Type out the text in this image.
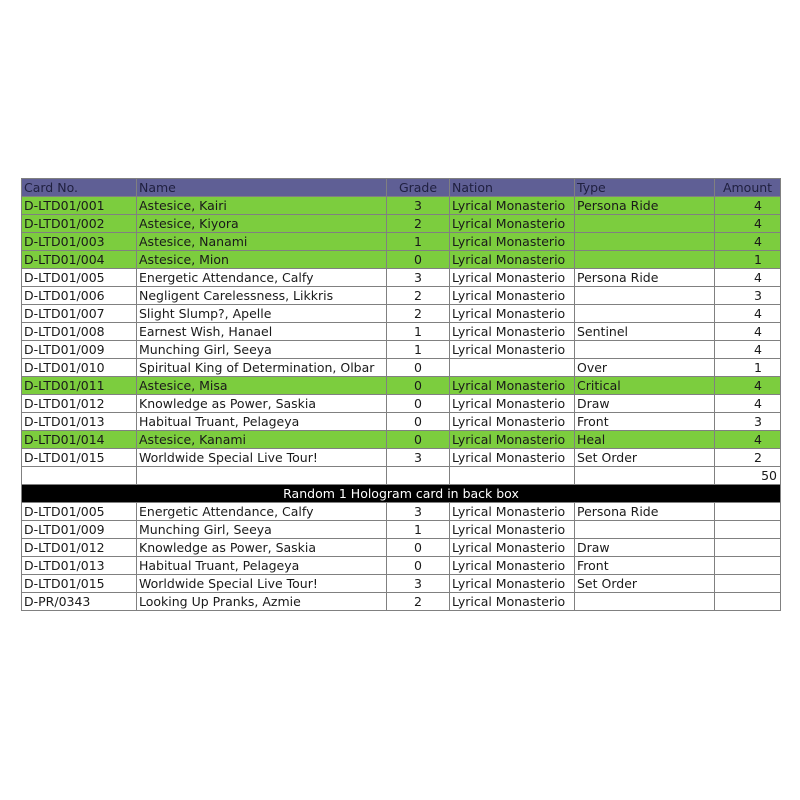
Card No.	Name	Grade	Nation	Type	Amount
D-LTD01/001	Astesice, Kairi	3	Lyrical Monasterio	Persona Ride	4
D-LTD01/002	Astesice, Kiyora	2	Lyrical Monasterio		4
D-LTD01/003	Astesice, Nanami	1	Lyrical Monasterio		4
D-LTD01/004	Astesice, Mion	0	Lyrical Monasterio		1
D-LTD01/005	Energetic Attendance, Calfy	3	Lyrical Monasterio	Persona Ride	4
D-LTD01/006	Negligent Carelessness, Likkris	2	Lyrical Monasterio		3
D-LTD01/007	Slight Slump?, Apelle	2	Lyrical Monasterio		4
D-LTD01/008	Earnest Wish, Hanael	1	Lyrical Monasterio	Sentinel	4
D-LTD01/009	Munching Girl, Seeya	1	Lyrical Monasterio		4
D-LTD01/010	Spiritual King of Determination, Olbar	0		Over	1
D-LTD01/011	Astesice, Misa	0	Lyrical Monasterio	Critical	4
D-LTD01/012	Knowledge as Power, Saskia	0	Lyrical Monasterio	Draw	4
D-LTD01/013	Habitual Truant, Pelageya	0	Lyrical Monasterio	Front	3
D-LTD01/014	Astesice, Kanami	0	Lyrical Monasterio	Heal	4
D-LTD01/015	Worldwide Special Live Tour!	3	Lyrical Monasterio	Set Order	2
					50
Random 1 Hologram card in back box					
D-LTD01/005	Energetic Attendance, Calfy	3	Lyrical Monasterio	Persona Ride	
D-LTD01/009	Munching Girl, Seeya	1	Lyrical Monasterio		
D-LTD01/012	Knowledge as Power, Saskia	0	Lyrical Monasterio	Draw	
D-LTD01/013	Habitual Truant, Pelageya	0	Lyrical Monasterio	Front	
D-LTD01/015	Worldwide Special Live Tour!	3	Lyrical Monasterio	Set Order	
D-PR/0343	Looking Up Pranks, Azmie	2	Lyrical Monasterio		
